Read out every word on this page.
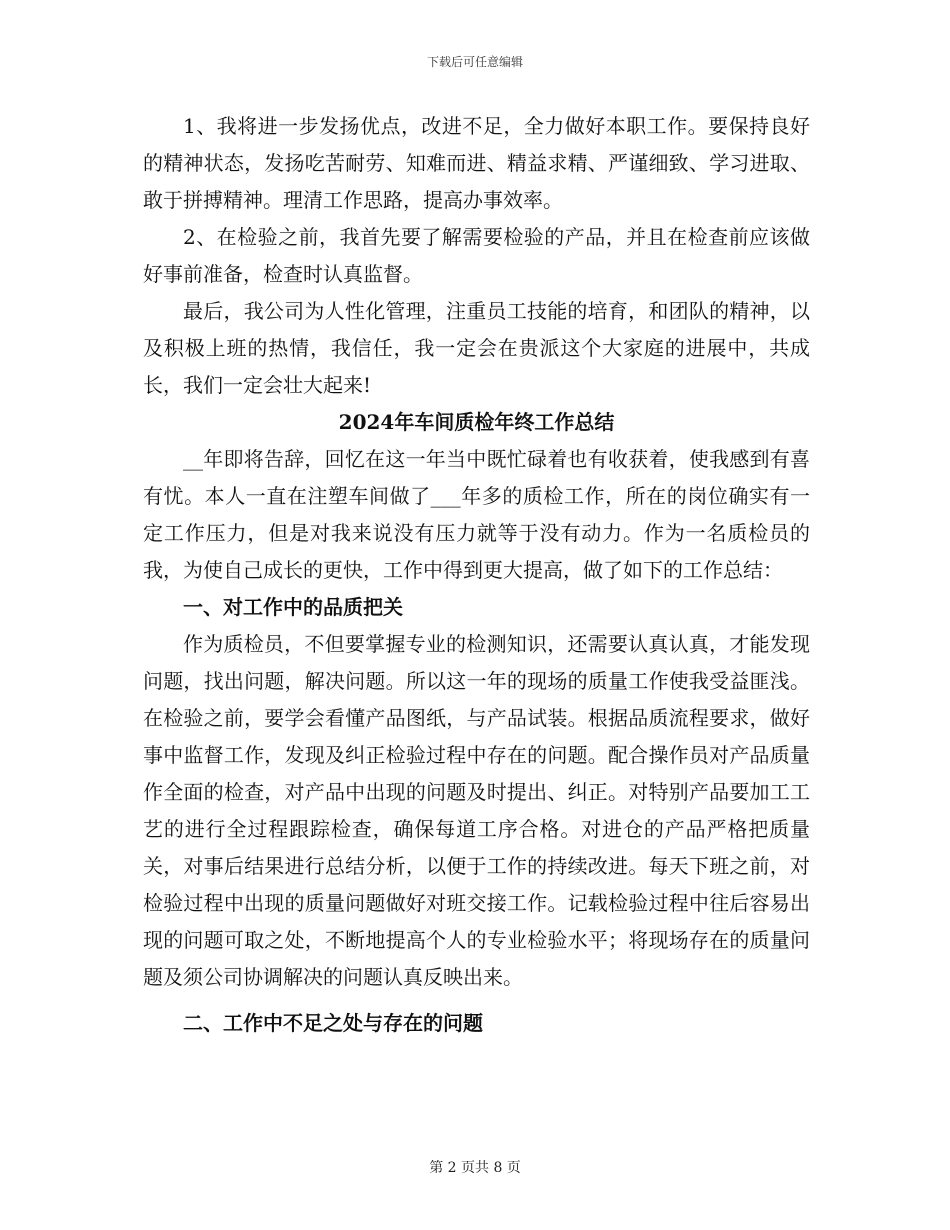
下载后可任意编辑

1、我将进一步发扬优点，改进不足，全力做好本职工作。要保持良好的精神状态，发扬吃苦耐劳、知难而进、精益求精、严谨细致、学习进取、敢于拼搏精神。理清工作思路，提高办事效率。

2、在检验之前，我首先要了解需要检验的产品，并且在检查前应该做好事前准备，检查时认真监督。

最后，我公司为人性化管理，注重员工技能的培育，和团队的精神，以及积极上班的热情，我信任，我一定会在贵派这个大家庭的进展中，共成长，我们一定会壮大起来!

2024年车间质检年终工作总结

__年即将告辞，回忆在这一年当中既忙碌着也有收获着，使我感到有喜有忧。本人一直在注塑车间做了___年多的质检工作，所在的岗位确实有一定工作压力，但是对我来说没有压力就等于没有动力。作为一名质检员的我，为使自己成长的更快，工作中得到更大提高，做了如下的工作总结：

一、对工作中的品质把关

作为质检员，不但要掌握专业的检测知识，还需要认真认真，才能发现问题，找出问题，解决问题。所以这一年的现场的质量工作使我受益匪浅。在检验之前，要学会看懂产品图纸，与产品试装。根据品质流程要求，做好事中监督工作，发现及纠正检验过程中存在的问题。配合操作员对产品质量作全面的检查，对产品中出现的问题及时提出、纠正。对特别产品要加工工艺的进行全过程跟踪检查，确保每道工序合格。对进仓的产品严格把质量关，对事后结果进行总结分析，以便于工作的持续改进。每天下班之前，对检验过程中出现的质量问题做好对班交接工作。记载检验过程中往后容易出现的问题可取之处，不断地提高个人的专业检验水平；将现场存在的质量问题及须公司协调解决的问题认真反映出来。

二、工作中不足之处与存在的问题

第 2 页共 8 页
